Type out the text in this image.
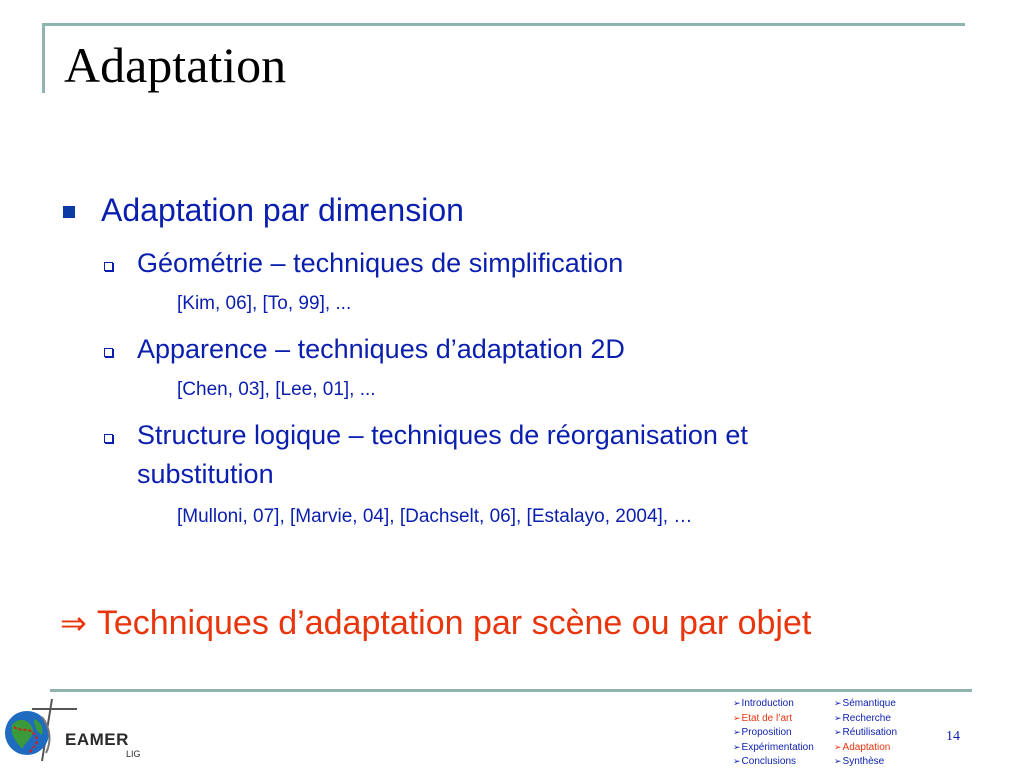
Adaptation
Adaptation par dimension
Géométrie – techniques de simplification
[Kim, 06], [To, 99], ...
Apparence – techniques d’adaptation 2D
[Chen, 03], [Lee, 01], ...
Structure logique – techniques de réorganisation et
substitution
[Mulloni, 07], [Marvie, 04], [Dachselt, 06], [Estalayo, 2004], …
⇒ Techniques d’adaptation par scène ou par objet
EAMER
LIG
➢Introduction
➢Etat de l’art
➢Proposition
➢Expérimentation
➢Conclusions
➢Sémantique
➢Recherche
➢Réutilisation
➢Adaptation
➢Synthèse
14
